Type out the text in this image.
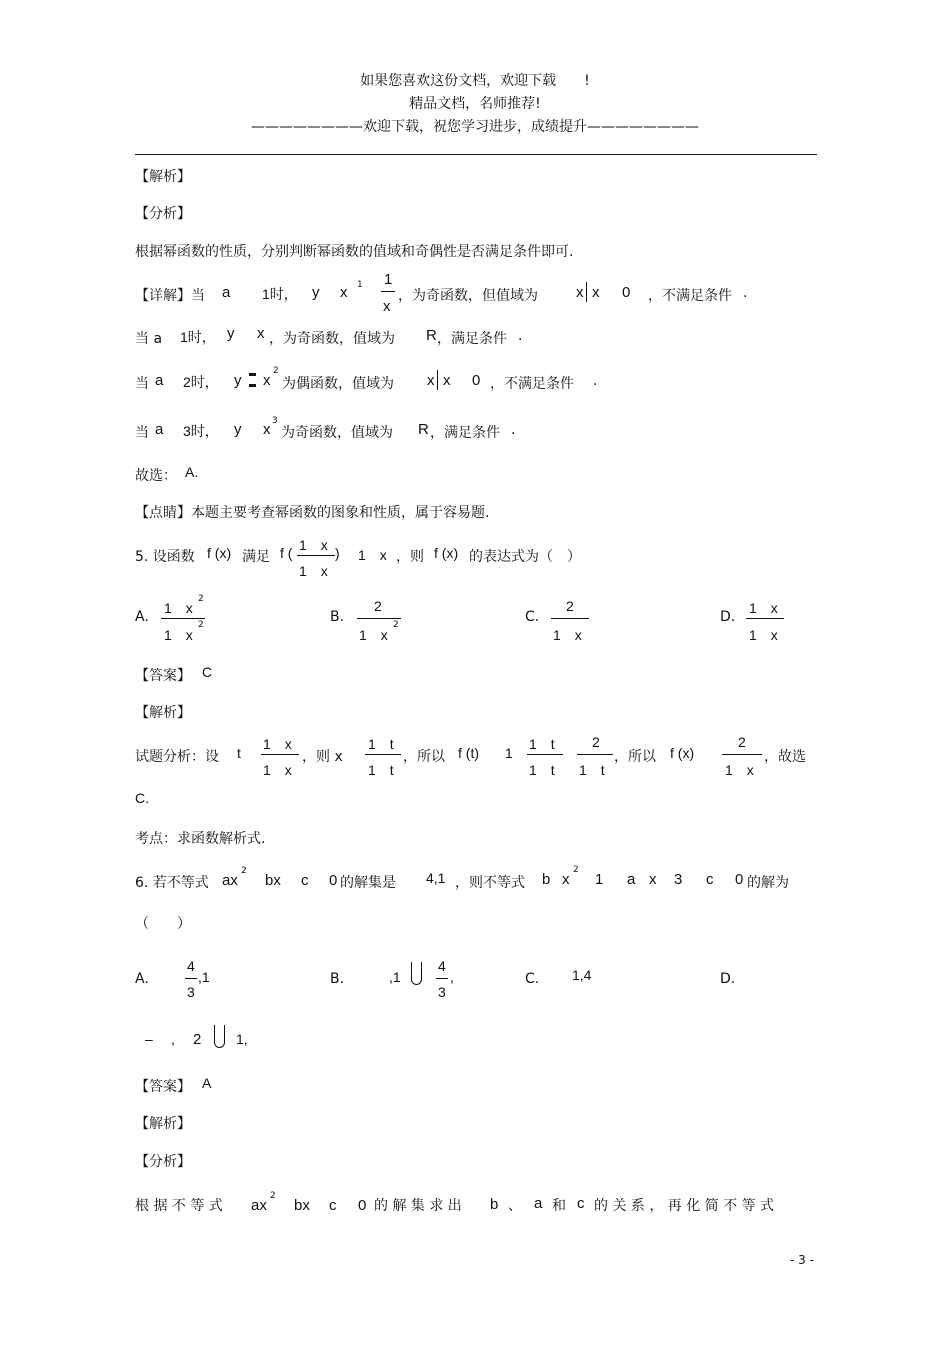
如果您喜欢这份文档，欢迎下载　　!
精品文档，名师推荐!
————————欢迎下载，祝您学习进步，成绩提升————————
【解析】
【分析】
根据幂函数的性质，分别判断幂函数的值域和奇偶性是否满足条件即可.
【详解】当 a 1时， y x 1 1
x
，为奇函数，但值域为	x x 0 ，不满足条件 .
当 a 1时， y x ，为奇函数，值域为 R ，满足条件 .
当 a 2时， y x
2
为偶函数，值域为 x x 0 ，不满足条件 .
当 a 3时， y x 3
为奇函数，值域为 R ，满足条件 .
故选： A.
【点睛】本题主要考查幂函数的图象和性质，属于容易题.
5. 设函数 f (x) 满足 f ( 1　x
1　x
) 1　x ，则 f (x) 的表达式为（　）
A.
1　x
2
1　x
2	B.
2
1　x
2	C.
2
1　x
D.
1　x
1　x
【答案】 C
【解析】
试题分析：设 t
1　x
1　x
，则 x
1　t
1　t
，所以 f (t) 1
1　t
1　t
2
1　t
，所以 f (x)
2
1　x
，故选
C.
考点：求函数解析式.
6. 若不等式 ax
2
bx c 0 的解集是 4,1 ，则不等式 b x
2
1 a x 3 c 0 的解为
（　　）
A.
4
3
,1	B.	,1
4
3
,	C. 1,4	D.
– , 2 1,
【答案】 A
【解析】
【分析】
根 据 不 等 式 ax
2
bx c 0 的 解 集 求 出 b 、 a 和 c 的 关 系 ， 再 化 简 不 等 式
- 3 -
